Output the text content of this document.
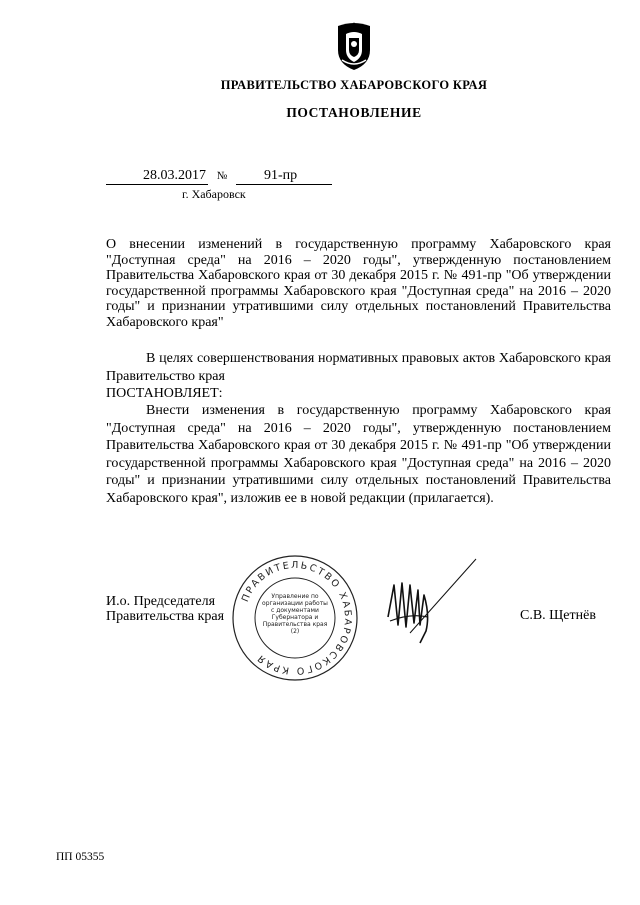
ПРАВИТЕЛЬСТВО ХАБАРОВСКОГО КРАЯ
ПОСТАНОВЛЕНИЕ
28.03.2017 №	91-пр
г. Хабаровск
О внесении изменений в государственную программу Хабаровского края "Доступная среда" на 2016 – 2020 годы", утвержденную постановлением Правительства Хабаровского края от 30 декабря 2015 г. № 491-пр "Об утверждении государственной программы Хабаровского края "Доступная среда" на 2016 – 2020 годы" и признании утратившими силу отдельных постановлений Правительства Хабаровского края"
В целях совершенствования нормативных правовых актов Хабаровского края Правительство края
ПОСТАНОВЛЯЕТ:
Внести изменения в государственную программу Хабаровского края "Доступная среда" на 2016 – 2020 годы", утвержденную постановлением Правительства Хабаровского края от 30 декабря 2015 г. № 491-пр "Об утверждении государственной программы Хабаровского края "Доступная среда" на 2016 – 2020 годы" и признании утратившими силу отдельных постановлений Правительства Хабаровского края", изложив ее в новой редакции (прилагается).
ПРАВИТЕЛЬСТВО ХАБАРОВСКОГО КРАЯ
Управление по организации работы с документами Губернатора и Правительства края (2)
И.о. Председателя
Правительства края	С.В. Щетнёв
ПП 05355
